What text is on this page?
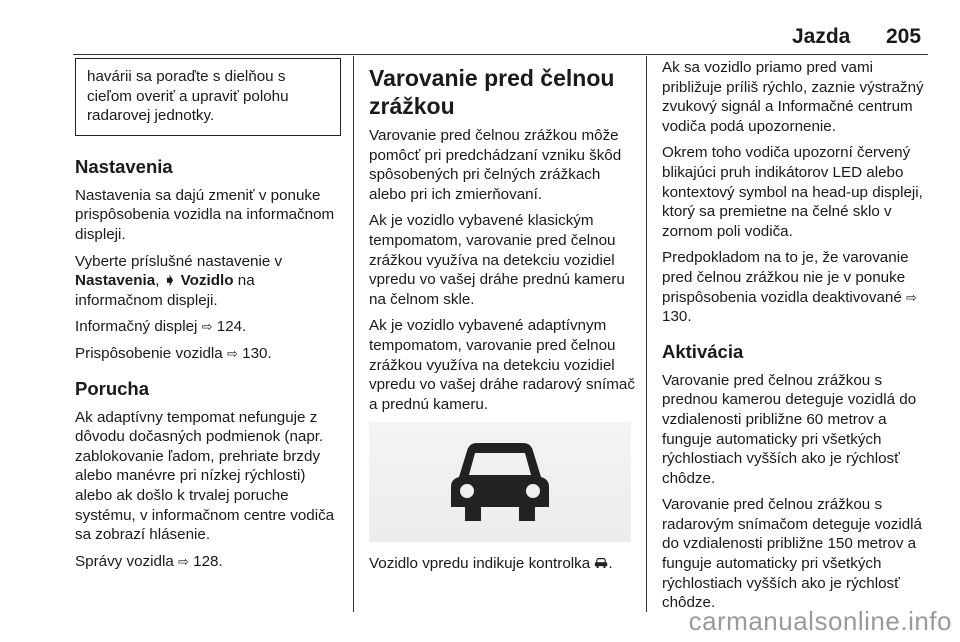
Jazda 205
havárii sa poraďte s dielňou s cieľom overiť a upraviť polohu radarovej jednotky.
Nastavenia

Nastavenia sa dajú zmeniť v ponuke prispôsobenia vozidla na informačnom displeji.

Vyberte príslušné nastavenie v Nastavenia, ➧ Vozidlo na informačnom displeji.

Informačný displej ⇨ 124.

Prispôsobenie vozidla ⇨ 130.

Porucha

Ak adaptívny tempomat nefunguje z dôvodu dočasných podmienok (napr. zablokovanie ľadom, prehriate brzdy alebo manévre pri nízkej rýchlosti) alebo ak došlo k trvalej poruche systému, v informačnom centre vodiča sa zobrazí hlásenie.

Správy vozidla ⇨ 128.

Varovanie pred čelnou zrážkou

Varovanie pred čelnou zrážkou môže pomôcť pri predchádzaní vzniku škôd spôsobených pri čelných zrážkach alebo pri ich zmierňovaní.

Ak je vozidlo vybavené klasickým tempomatom, varovanie pred čelnou zrážkou využíva na detekciu vozidiel vpredu vo vašej dráhe prednú kameru na čelnom skle.

Ak je vozidlo vybavené adaptívnym tempomatom, varovanie pred čelnou zrážkou využíva na detekciu vozidiel vpredu vo vašej dráhe radarový snímač a prednú kameru.

Vozidlo vpredu indikuje kontrolka .

Ak sa vozidlo priamo pred vami približuje príliš rýchlo, zaznie výstražný zvukový signál a Informačné centrum vodiča podá upozornenie.

Okrem toho vodiča upozorní červený blikajúci pruh indikátorov LED alebo kontextový symbol na head-up displeji, ktorý sa premietne na čelné sklo v zornom poli vodiča.

Predpokladom na to je, že varovanie pred čelnou zrážkou nie je v ponuke prispôsobenia vozidla deaktivované ⇨ 130.

Aktivácia

Varovanie pred čelnou zrážkou s prednou kamerou deteguje vozidlá do vzdialenosti približne 60 metrov a funguje automaticky pri všetkých rýchlostiach vyšších ako je rýchlosť chôdze.

Varovanie pred čelnou zrážkou s radarovým snímačom deteguje vozidlá do vzdialenosti približne 150 metrov a funguje automaticky pri všetkých rýchlostiach vyšších ako je rýchlosť chôdze.

carmanualsonline.info
